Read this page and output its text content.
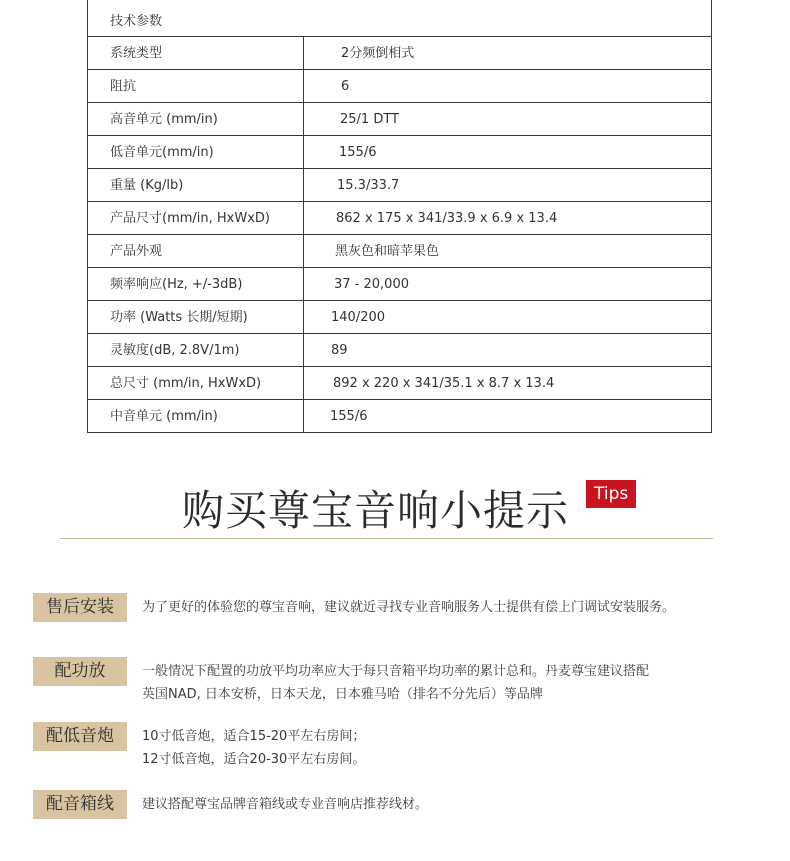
技术参数
系统类型	2分频倒相式
阻抗	6
高音单元 (mm/in)	25/1 DTT
低音单元(mm/in)	155/6
重量 (Kg/lb)	15.3/33.7
产品尺寸(mm/in, HxWxD)	862 x 175 x 341/33.9 x 6.9 x 13.4
产品外观	黑灰色和暗苹果色
频率响应(Hz, +/-3dB)	37 - 20,000
功率 (Watts 长期/短期)	140/200
灵敏度(dB, 2.8V/1m)	89
总尺寸 (mm/in, HxWxD)	892 x 220 x 341/35.1 x 8.7 x 13.4
中音单元 (mm/in)	155/6
购买尊宝音响小提示	Tips
售后安装	为了更好的体验您的尊宝音响，建议就近寻找专业音响服务人士提供有偿上门调试安装服务。
配功放	一般情况下配置的功放平均功率应大于每只音箱平均功率的累计总和。丹麦尊宝建议搭配
英国NAD, 日本安桥，日本天龙，日本雅马哈（排名不分先后）等品牌
配低音炮	10寸低音炮，适合15-20平左右房间；
12寸低音炮，适合20-30平左右房间。
配音箱线	建议搭配尊宝品牌音箱线或专业音响店推荐线材。
